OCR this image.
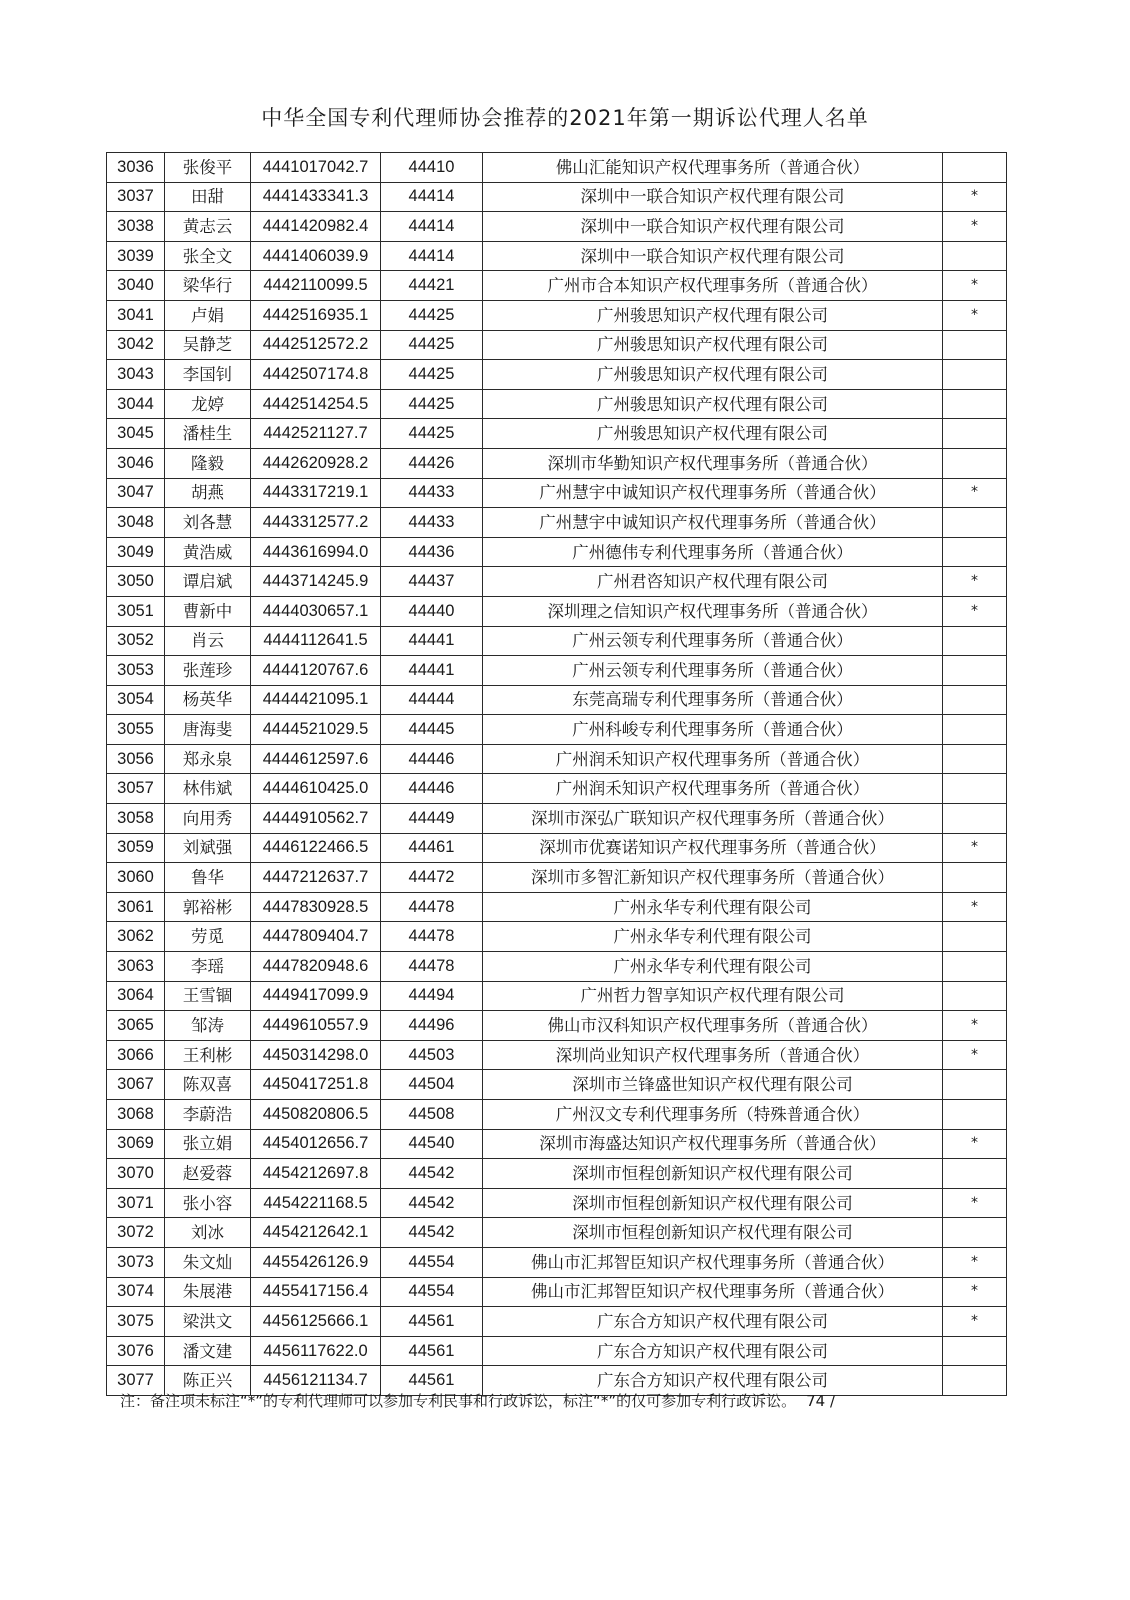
中华全国专利代理师协会推荐的2021年第一期诉讼代理人名单
3036	张俊平	4441017042.7	44410	佛山汇能知识产权代理事务所（普通合伙）	
3037	田甜	4441433341.3	44414	深圳中一联合知识产权代理有限公司	*
3038	黄志云	4441420982.4	44414	深圳中一联合知识产权代理有限公司	*
3039	张全文	4441406039.9	44414	深圳中一联合知识产权代理有限公司	
3040	梁华行	4442110099.5	44421	广州市合本知识产权代理事务所（普通合伙）	*
3041	卢娟	4442516935.1	44425	广州骏思知识产权代理有限公司	*
3042	吴静芝	4442512572.2	44425	广州骏思知识产权代理有限公司	
3043	李国钊	4442507174.8	44425	广州骏思知识产权代理有限公司	
3044	龙婷	4442514254.5	44425	广州骏思知识产权代理有限公司	
3045	潘桂生	4442521127.7	44425	广州骏思知识产权代理有限公司	
3046	隆毅	4442620928.2	44426	深圳市华勤知识产权代理事务所（普通合伙）	
3047	胡燕	4443317219.1	44433	广州慧宇中诚知识产权代理事务所（普通合伙）	*
3048	刘各慧	4443312577.2	44433	广州慧宇中诚知识产权代理事务所（普通合伙）	
3049	黄浩威	4443616994.0	44436	广州德伟专利代理事务所（普通合伙）	
3050	谭启斌	4443714245.9	44437	广州君咨知识产权代理有限公司	*
3051	曹新中	4444030657.1	44440	深圳理之信知识产权代理事务所（普通合伙）	*
3052	肖云	4444112641.5	44441	广州云领专利代理事务所（普通合伙）	
3053	张莲珍	4444120767.6	44441	广州云领专利代理事务所（普通合伙）	
3054	杨英华	4444421095.1	44444	东莞高瑞专利代理事务所（普通合伙）	
3055	唐海斐	4444521029.5	44445	广州科峻专利代理事务所（普通合伙）	
3056	郑永泉	4444612597.6	44446	广州润禾知识产权代理事务所（普通合伙）	
3057	林伟斌	4444610425.0	44446	广州润禾知识产权代理事务所（普通合伙）	
3058	向用秀	4444910562.7	44449	深圳市深弘广联知识产权代理事务所（普通合伙）	
3059	刘斌强	4446122466.5	44461	深圳市优赛诺知识产权代理事务所（普通合伙）	*
3060	鲁华	4447212637.7	44472	深圳市多智汇新知识产权代理事务所（普通合伙）	
3061	郭裕彬	4447830928.5	44478	广州永华专利代理有限公司	*
3062	劳觅	4447809404.7	44478	广州永华专利代理有限公司	
3063	李瑶	4447820948.6	44478	广州永华专利代理有限公司	
3064	王雪锢	4449417099.9	44494	广州哲力智享知识产权代理有限公司	
3065	邹涛	4449610557.9	44496	佛山市汉科知识产权代理事务所（普通合伙）	*
3066	王利彬	4450314298.0	44503	深圳尚业知识产权代理事务所（普通合伙）	*
3067	陈双喜	4450417251.8	44504	深圳市兰锋盛世知识产权代理有限公司	
3068	李蔚浩	4450820806.5	44508	广州汉文专利代理事务所（特殊普通合伙）	
3069	张立娟	4454012656.7	44540	深圳市海盛达知识产权代理事务所（普通合伙）	*
3070	赵爱蓉	4454212697.8	44542	深圳市恒程创新知识产权代理有限公司	
3071	张小容	4454221168.5	44542	深圳市恒程创新知识产权代理有限公司	*
3072	刘冰	4454212642.1	44542	深圳市恒程创新知识产权代理有限公司	
3073	朱文灿	4455426126.9	44554	佛山市汇邦智臣知识产权代理事务所（普通合伙）	*
3074	朱展港	4455417156.4	44554	佛山市汇邦智臣知识产权代理事务所（普通合伙）	*
3075	梁洪文	4456125666.1	44561	广东合方知识产权代理有限公司	*
3076	潘文建	4456117622.0	44561	广东合方知识产权代理有限公司	
3077	陈正兴	4456121134.7	44561	广东合方知识产权代理有限公司	
注：备注项未标注“*”的专利代理师可以参加专利民事和行政诉讼，标注“*”的仅可参加专利行政诉讼。 74 /
